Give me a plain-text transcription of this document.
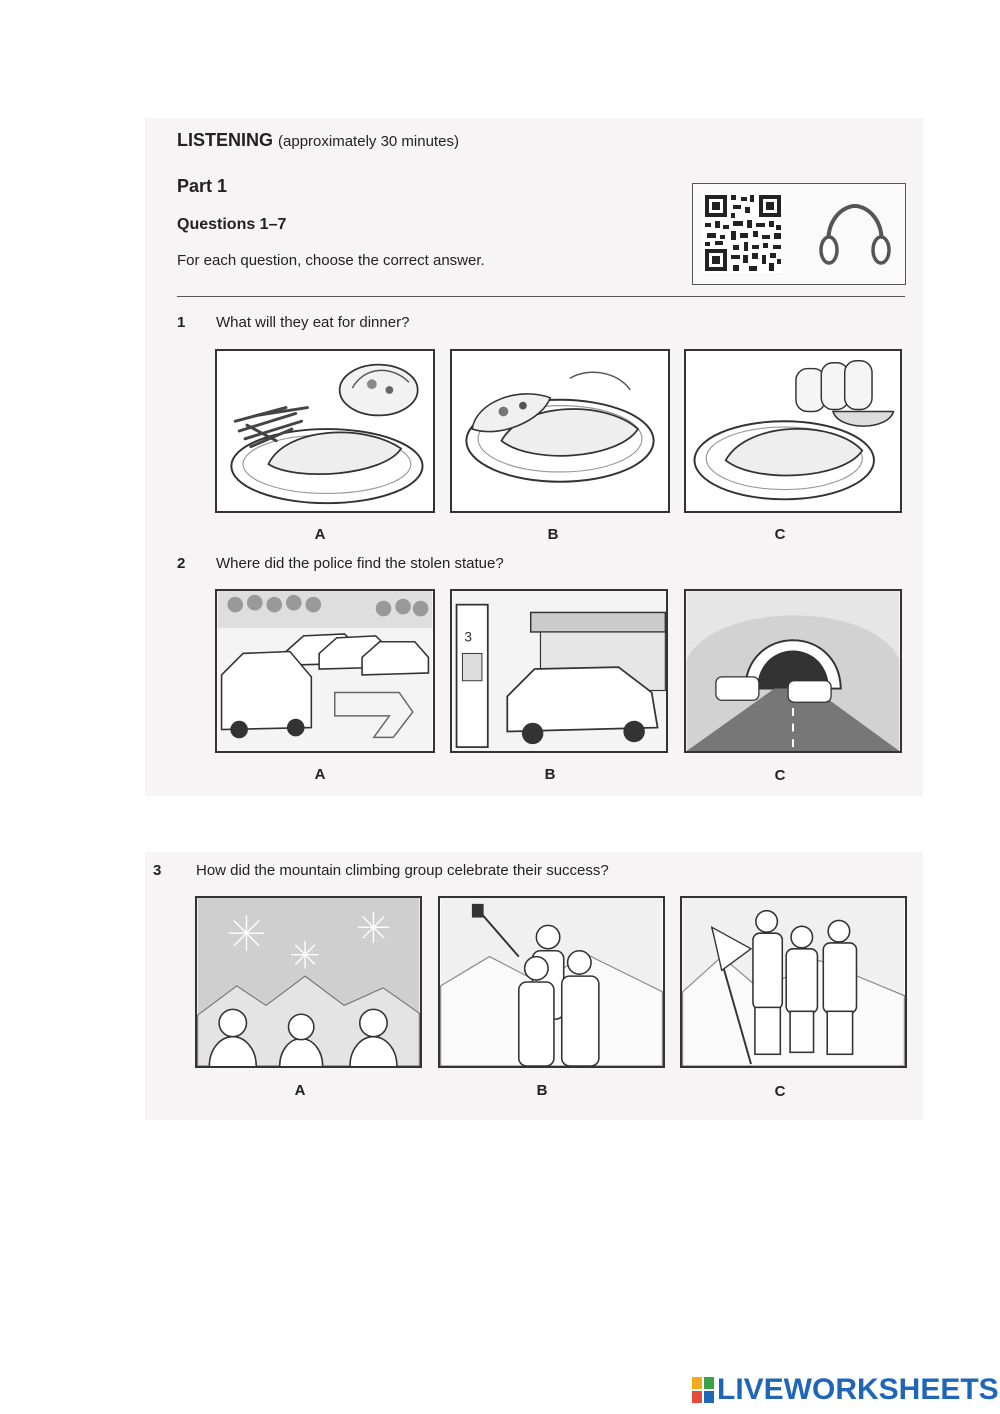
LISTENING (approximately 30 minutes)
Part 1
Questions 1–7
For each question, choose the correct answer.
1 What will they eat for dinner?
A	B	C
2 Where did the police find the stolen statue?
3
A	B	C
3 How did the mountain climbing group celebrate their success?
A	B	C
LIVEWORKSHEETS
